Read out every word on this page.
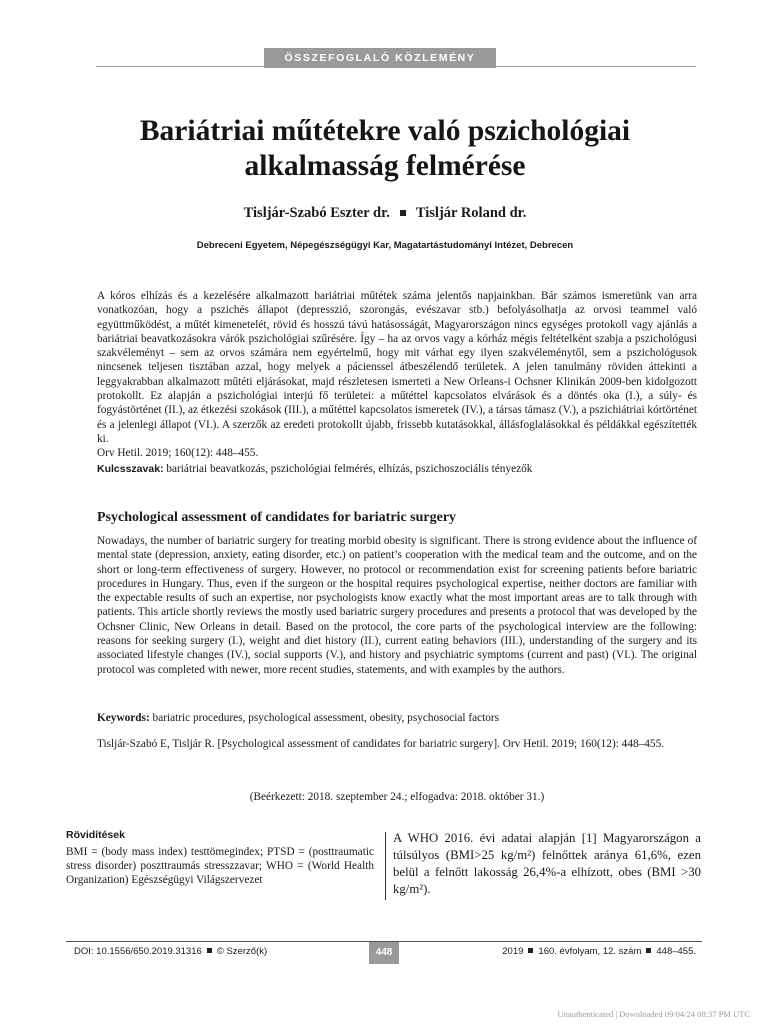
ÖSSZEFOGLALÓ KÖZLEMÉNY
Bariátriai műtétekre való pszichológiai
alkalmasság felmérése
Tisljár-Szabó Eszter dr. Tisljár Roland dr.
Debreceni Egyetem, Népegészségügyi Kar, Magatartástudományi Intézet, Debrecen

A kóros elhízás és a kezelésére alkalmazott bariátriai műtétek száma jelentős napjainkban. Bár számos ismeretünk van arra vonatkozóan, hogy a pszichés állapot (depresszió, szorongás, evészavar stb.) befolyásolhatja az orvosi teammel való együttműködést, a műtét kimenetelét, rövid és hosszú távú hatásosságát, Magyarországon nincs egységes protokoll vagy ajánlás a bariátriai beavatkozásokra várók pszichológiai szűrésére. Így – ha az orvos vagy a kórház mégis feltételként szabja a pszichológusi szakvéleményt – sem az orvos számára nem egyértelmű, hogy mit várhat egy ilyen szakvéleménytől, sem a pszichológusok nincsenek teljesen tisztában azzal, hogy melyek a pácienssel átbeszélendő területek. A jelen tanulmány röviden áttekinti a leggyakrabban alkalmazott műtéti eljárásokat, majd részletesen ismerteti a New Orleans-i Ochsner Klinikán 2009-ben kidolgozott protokollt. Ez alapján a pszichológiai interjú fő területei: a műtéttel kapcsolatos elvárások és a döntés oka (I.), a súly- és fogyástörténet (II.), az étkezési szokások (III.), a műtéttel kapcsolatos ismeretek (IV.), a társas támasz (V.), a pszichiátriai kórtörténet és a jelenlegi állapot (VI.). A szerzők az eredeti protokollt újabb, frissebb kutatásokkal, állásfoglalásokkal és példákkal egészítették ki.

Orv Hetil. 2019; 160(12): 448–455.

Kulcsszavak: bariátriai beavatkozás, pszichológiai felmérés, elhízás, pszichoszociális tényezők
Psychological assessment of candidates for bariatric surgery
Nowadays, the number of bariatric surgery for treating morbid obesity is significant. There is strong evidence about the influence of mental state (depression, anxiety, eating disorder, etc.) on patient’s cooperation with the medical team and the outcome, and on the short or long-term effectiveness of surgery. However, no protocol or recommendation exist for screening patients before bariatric procedures in Hungary. Thus, even if the surgeon or the hospital requires psychological expertise, neither doctors are familiar with the expectable results of such an expertise, nor psychologists know exactly what the most important areas are to talk through with patients. This article shortly reviews the mostly used bariatric surgery procedures and presents a protocol that was developed by the Ochsner Clinic, New Orleans in detail. Based on the protocol, the core parts of the psychological interview are the following: reasons for seeking surgery (I.), weight and diet history (II.), current eating behaviors (III.), understanding of the surgery and its associated lifestyle changes (IV.), social supports (V.), and history and psychiatric symptoms (current and past) (VI.). The original protocol was completed with newer, more recent studies, statements, and with examples by the authors.
Keywords: bariatric procedures, psychological assessment, obesity, psychosocial factors
Tisljár-Szabó E, Tisljár R. [Psychological assessment of candidates for bariatric surgery]. Orv Hetil. 2019; 160(12): 448–455.
(Beérkezett: 2018. szeptember 24.; elfogadva: 2018. október 31.)
Rövidítések
BMI = (body mass index) testtömegindex; PTSD = (posttraumatic stress disorder) poszttraumás stresszzavar; WHO = (World Health Organization) Egészségügyi Világszervezet
A WHO 2016. évi adatai alapján [1] Magyarországon a túlsúlyos (BMI>25 kg/m²) felnőttek aránya 61,6%, ezen belül a felnőtt lakosság 26,4%-a elhízott, obes (BMI >30 kg/m²).
DOI: 10.1556/650.2019.31316 © Szerző(k)	448	2019 160. évfolyam, 12. szám 448–455.
Unauthenticated | Downloaded 09/04/24 08:37 PM UTC
